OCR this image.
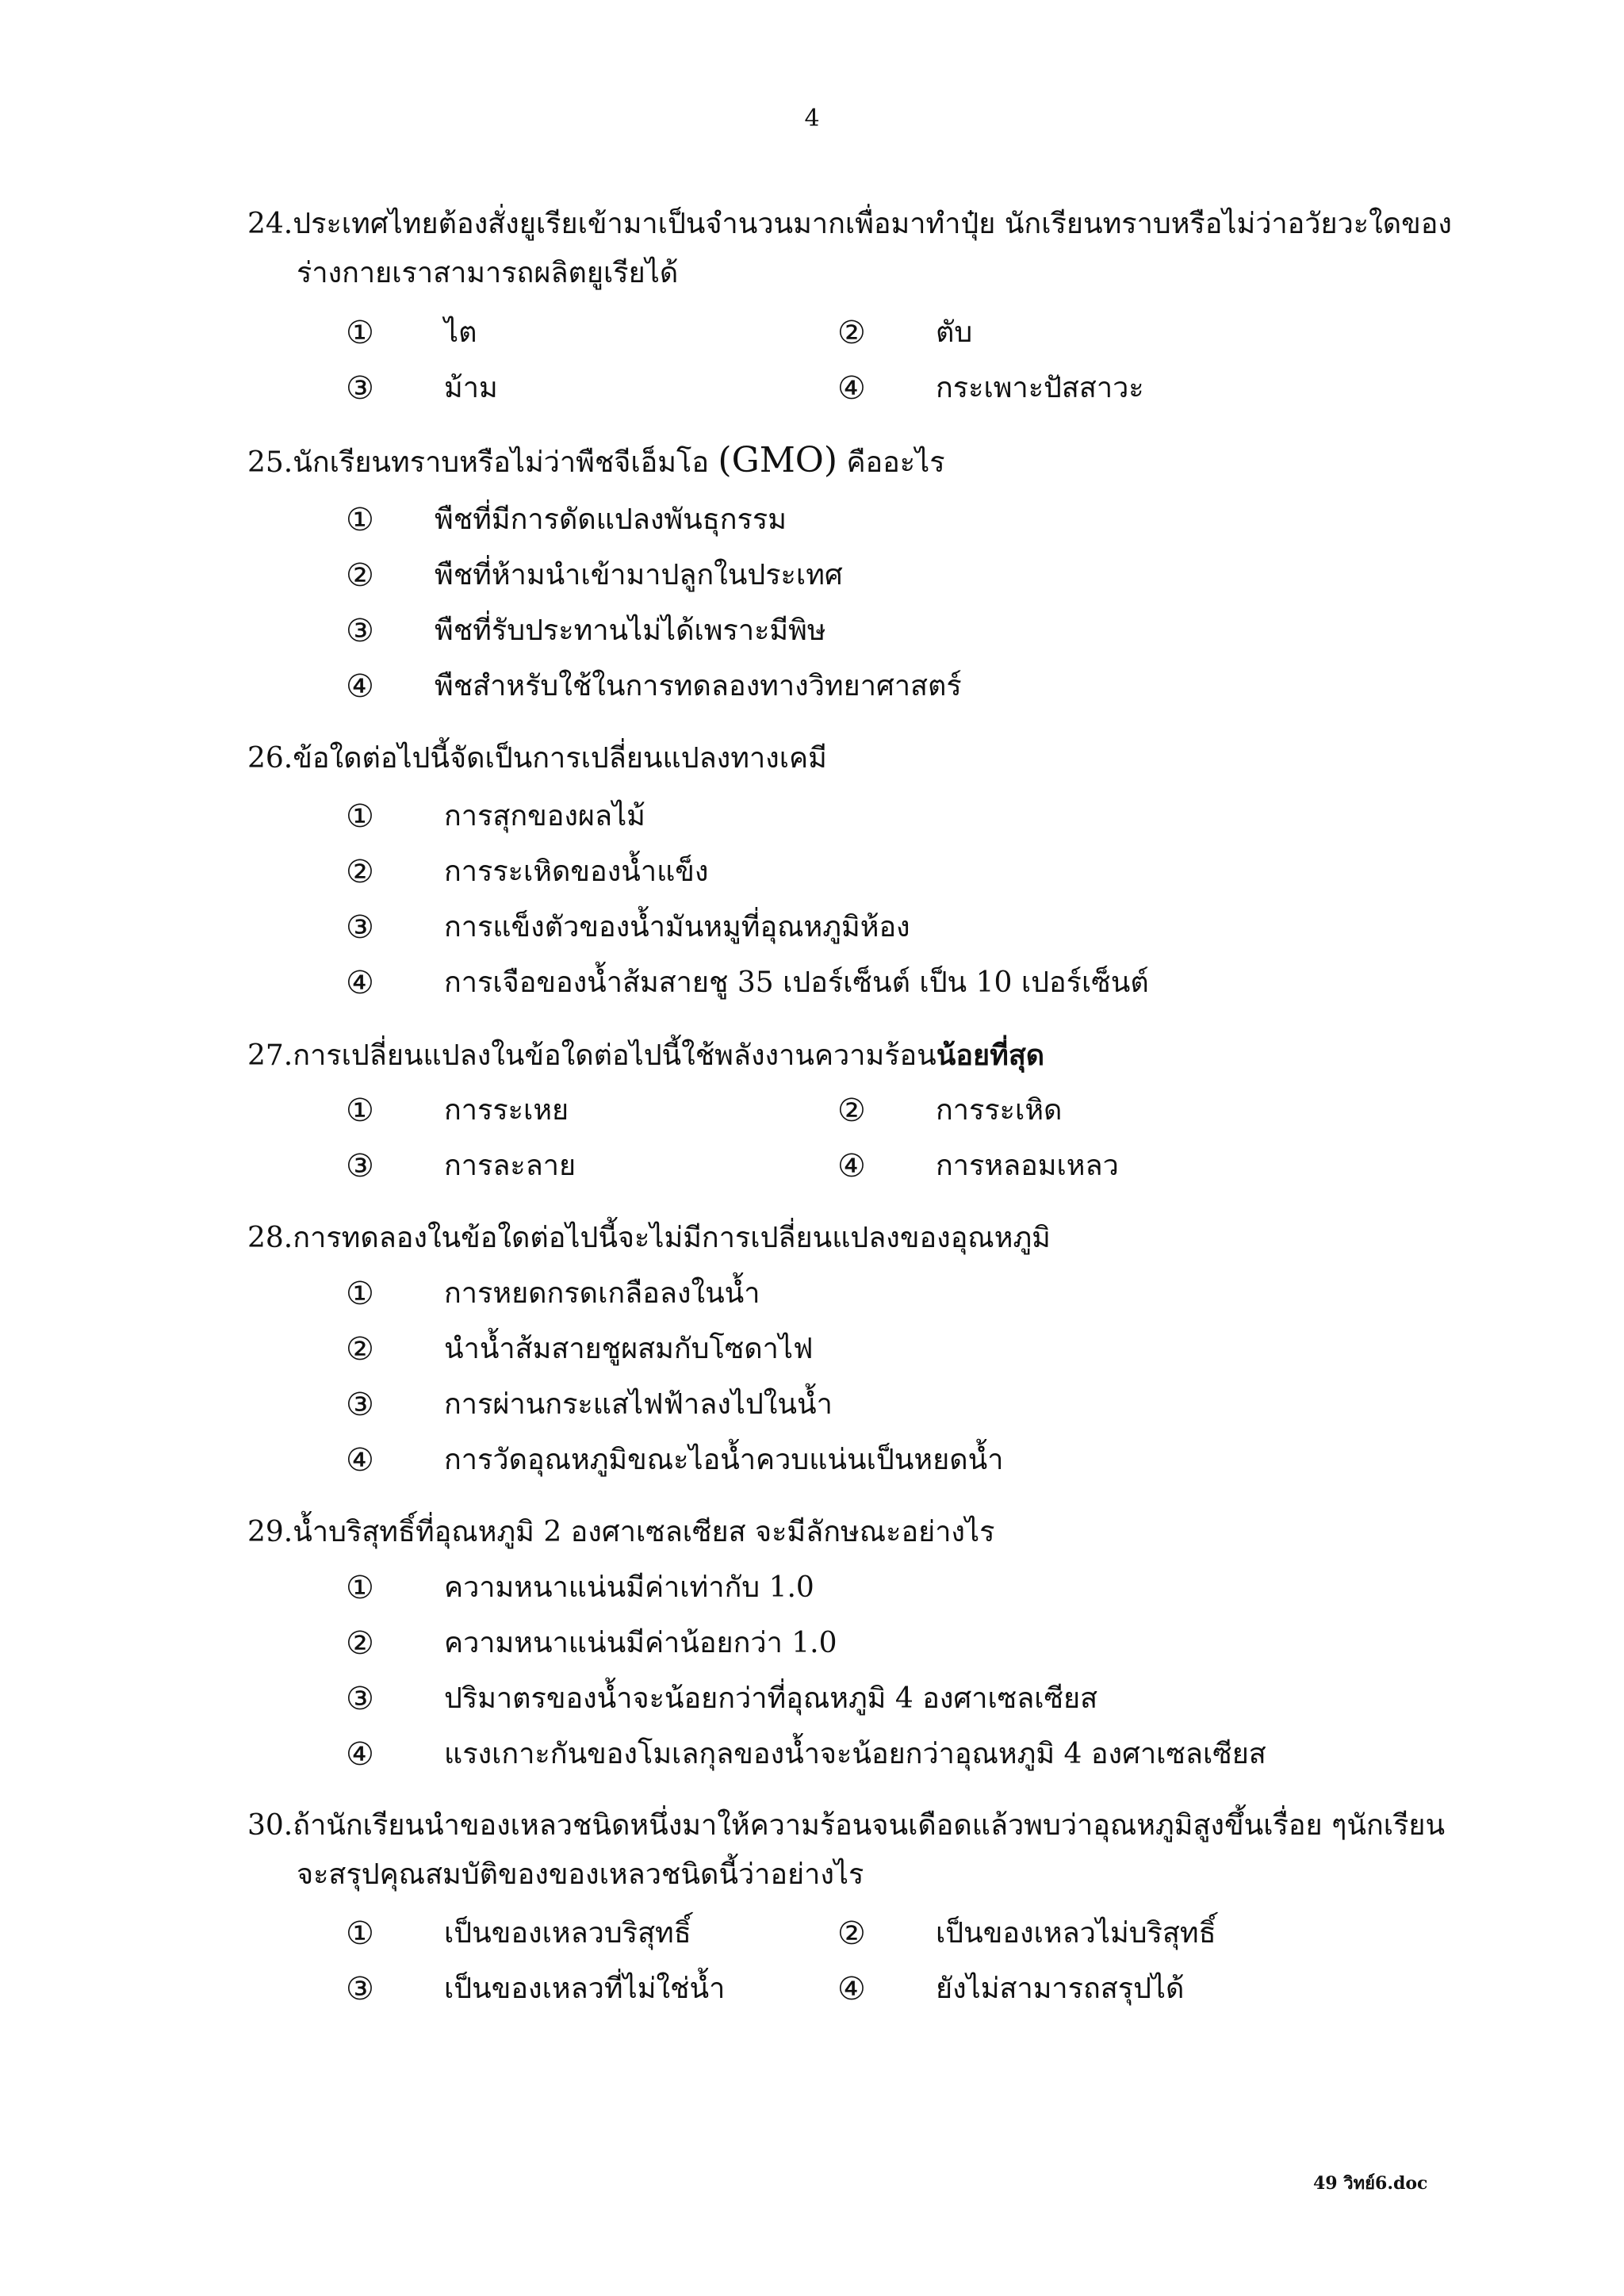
4
24.ประเทศไทยต้องสั่งยูเรียเข้ามาเป็นจำนวนมากเพื่อมาทำปุ๋ย นักเรียนทราบหรือไม่ว่าอวัยวะใดของ
ร่างกายเราสามารถผลิตยูเรียได้
①	ไต	②	ตับ
③	ม้าม	④	กระเพาะปัสสาวะ
25.นักเรียนทราบหรือไม่ว่าพืชจีเอ็มโอ (GMO) คืออะไร
①	พืชที่มีการดัดแปลงพันธุกรรม
②	พืชที่ห้ามนำเข้ามาปลูกในประเทศ
③	พืชที่รับประทานไม่ได้เพราะมีพิษ
④	พืชสำหรับใช้ในการทดลองทางวิทยาศาสตร์
26.ข้อใดต่อไปนี้จัดเป็นการเปลี่ยนแปลงทางเคมี
①	การสุกของผลไม้
②	การระเหิดของน้ำแข็ง
③	การแข็งตัวของน้ำมันหมูที่อุณหภูมิห้อง
④	การเจือของน้ำส้มสายชู 35 เปอร์เซ็นต์ เป็น 10 เปอร์เซ็นต์
27.การเปลี่ยนแปลงในข้อใดต่อไปนี้ใช้พลังงานความร้อนน้อยที่สุด
①	การระเหย	②	การระเหิด
③	การละลาย	④	การหลอมเหลว
28.การทดลองในข้อใดต่อไปนี้จะไม่มีการเปลี่ยนแปลงของอุณหภูมิ
①	การหยดกรดเกลือลงในน้ำ
②	นำน้ำส้มสายชูผสมกับโซดาไฟ
③	การผ่านกระแสไฟฟ้าลงไปในน้ำ
④	การวัดอุณหภูมิขณะไอน้ำควบแน่นเป็นหยดน้ำ
29.น้ำบริสุทธิ์ที่อุณหภูมิ 2 องศาเซลเซียส จะมีลักษณะอย่างไร
①	ความหนาแน่นมีค่าเท่ากับ 1.0
②	ความหนาแน่นมีค่าน้อยกว่า 1.0
③	ปริมาตรของน้ำจะน้อยกว่าที่อุณหภูมิ 4 องศาเซลเซียส
④	แรงเกาะกันของโมเลกุลของน้ำจะน้อยกว่าอุณหภูมิ 4 องศาเซลเซียส
30.ถ้านักเรียนนำของเหลวชนิดหนึ่งมาให้ความร้อนจนเดือดแล้วพบว่าอุณหภูมิสูงขึ้นเรื่อย ๆนักเรียน
จะสรุปคุณสมบัติของของเหลวชนิดนี้ว่าอย่างไร
①	เป็นของเหลวบริสุทธิ์	②	เป็นของเหลวไม่บริสุทธิ์
③	เป็นของเหลวที่ไม่ใช่น้ำ	④	ยังไม่สามารถสรุปได้
49 วิทย์6.doc
